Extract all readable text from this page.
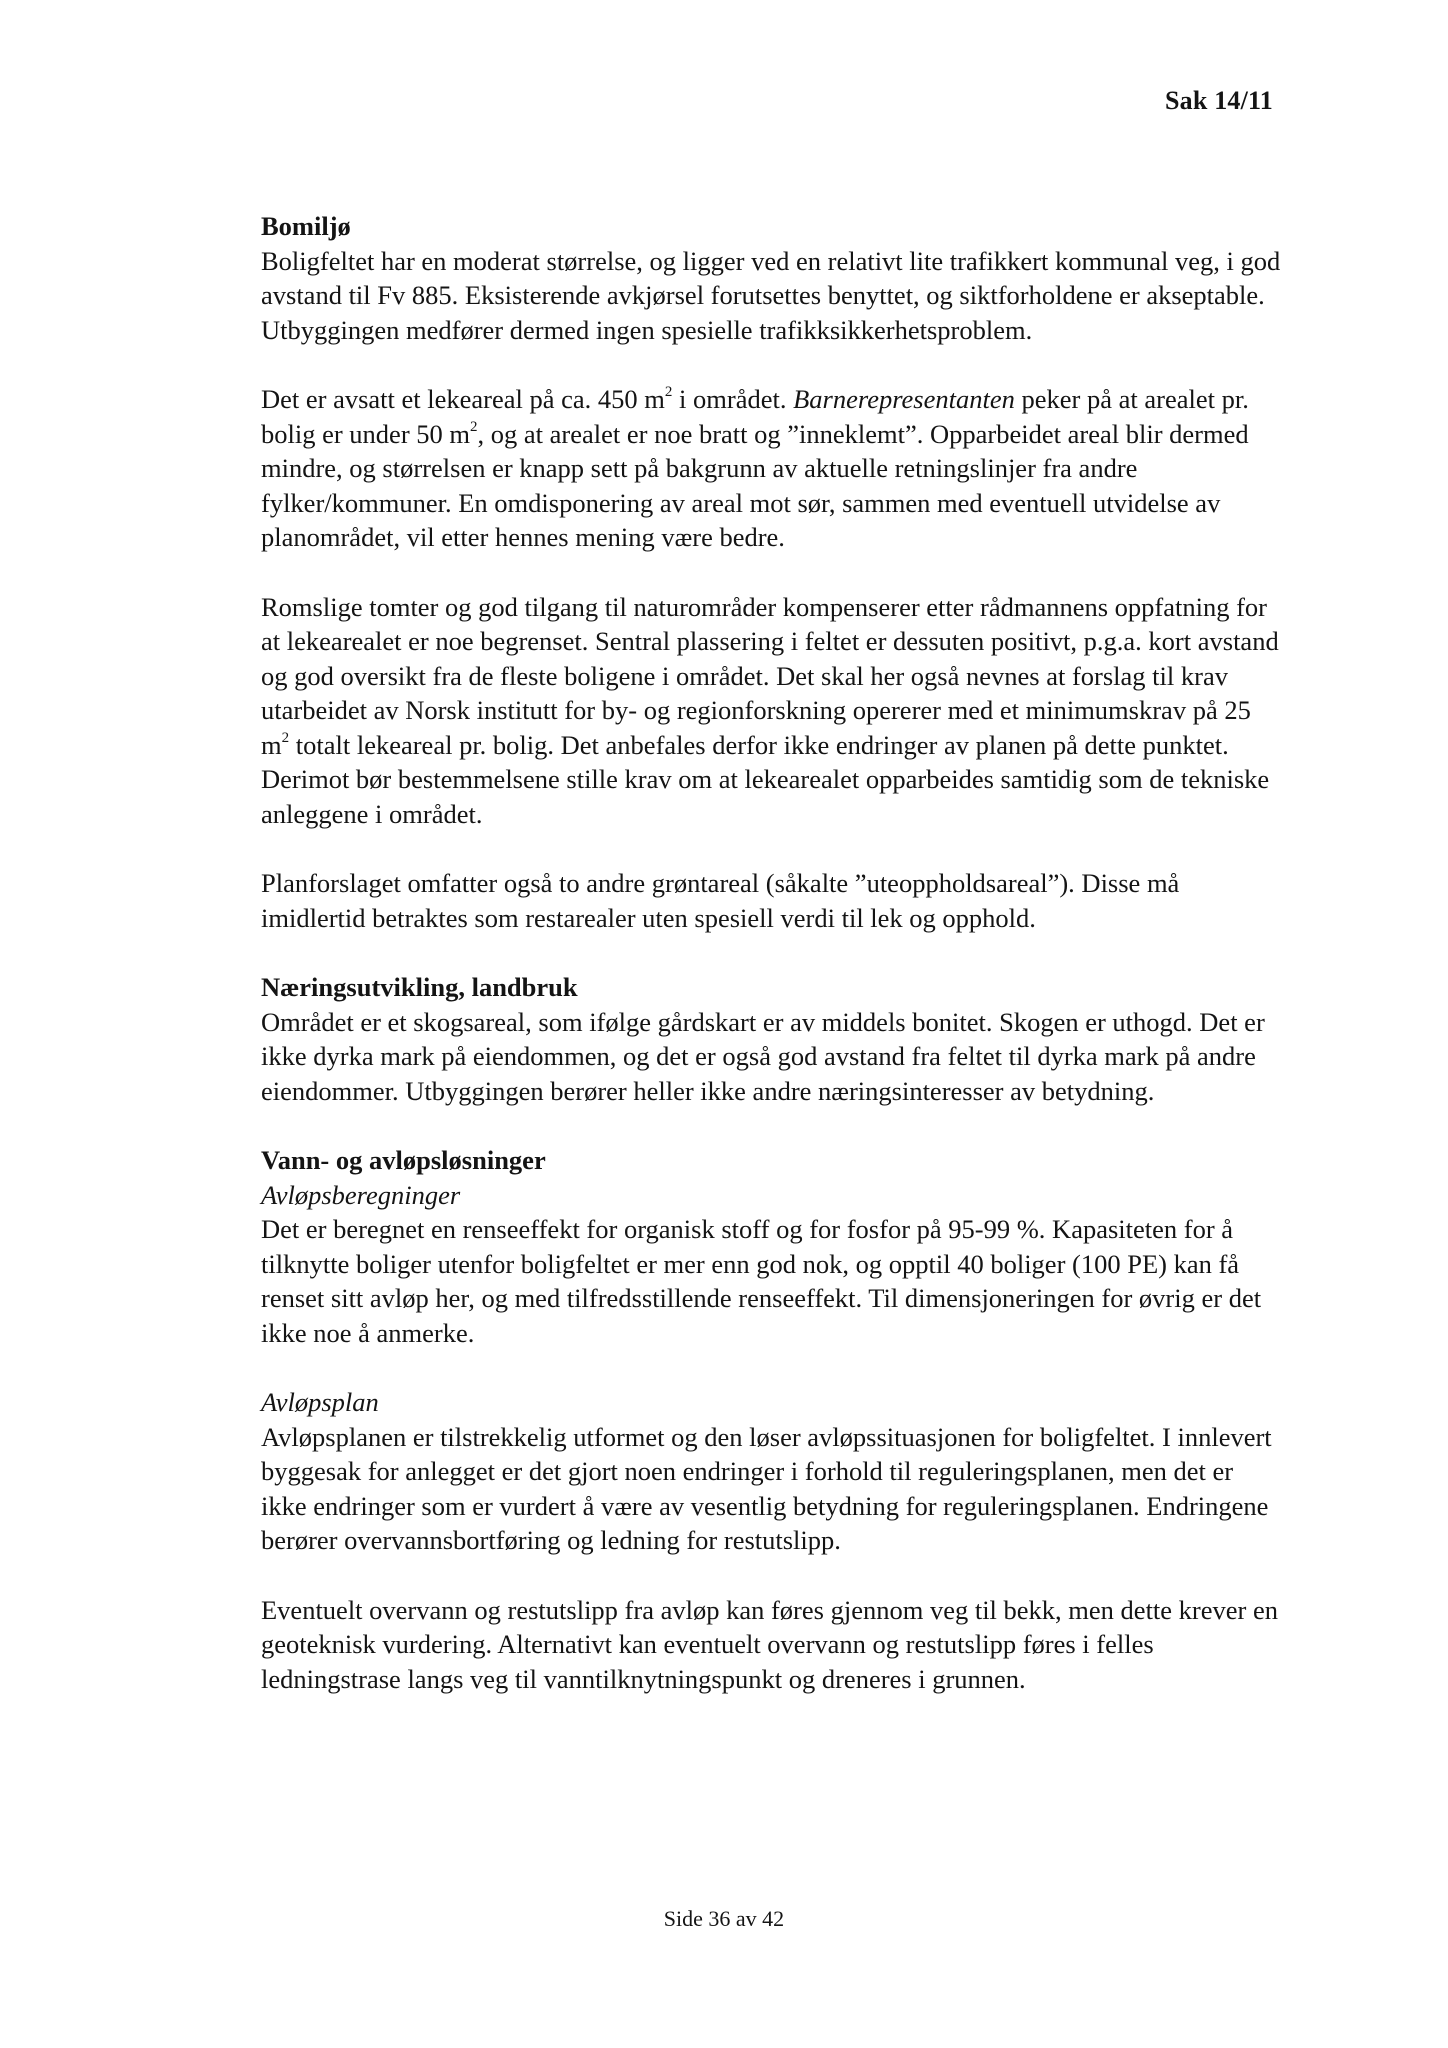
Sak 14/11

Bomiljø

Boligfeltet har en moderat størrelse, og ligger ved en relativt lite trafikkert kommunal veg, i god avstand til Fv 885. Eksisterende avkjørsel forutsettes benyttet, og siktforholdene er akseptable. Utbyggingen medfører dermed ingen spesielle trafikksikkerhetsproblem.

Det er avsatt et lekeareal på ca. 450 $m^2$ i området. Barnerepresentanten peker på at arealet pr. bolig er under 50 $m^2$, og at arealet er noe bratt og ”inneklemt”. Opparbeidet areal blir dermed mindre, og størrelsen er knapp sett på bakgrunn av aktuelle retningslinjer fra andre fylker/kommuner. En omdisponering av areal mot sør, sammen med eventuell utvidelse av planområdet, vil etter hennes mening være bedre.

Romslige tomter og god tilgang til naturområder kompenserer etter rådmannens oppfatning for at lekearealet er noe begrenset. Sentral plassering i feltet er dessuten positivt, p.g.a. kort avstand og god oversikt fra de fleste boligene i området. Det skal her også nevnes at forslag til krav utarbeidet av Norsk institutt for by- og regionforskning opererer med et minimumskrav på 25 $m^2$ totalt lekeareal pr. bolig. Det anbefales derfor ikke endringer av planen på dette punktet. Derimot bør bestemmelsene stille krav om at lekearealet opparbeides samtidig som de tekniske anleggene i området.

Planforslaget omfatter også to andre grøntareal (såkalte ”uteoppholdsareal”). Disse må imidlertid betraktes som restarealer uten spesiell verdi til lek og opphold.

Næringsutvikling, landbruk

Området er et skogsareal, som ifølge gårdskart er av middels bonitet. Skogen er uthogd. Det er ikke dyrka mark på eiendommen, og det er også god avstand fra feltet til dyrka mark på andre eiendommer. Utbyggingen berører heller ikke andre næringsinteresser av betydning.

Vann- og avløpsløsninger

Avløpsberegninger

Det er beregnet en renseeffekt for organisk stoff og for fosfor på 95-99 %. Kapasiteten for å tilknytte boliger utenfor boligfeltet er mer enn god nok, og opptil 40 boliger (100 PE) kan få renset sitt avløp her, og med tilfredsstillende renseeffekt. Til dimensjoneringen for øvrig er det ikke noe å anmerke.

Avløpsplan

Avløpsplanen er tilstrekkelig utformet og den løser avløpssituasjonen for boligfeltet. I innlevert byggesak for anlegget er det gjort noen endringer i forhold til reguleringsplanen, men det er ikke endringer som er vurdert å være av vesentlig betydning for reguleringsplanen. Endringene berører overvannsbortføring og ledning for restutslipp.

Eventuelt overvann og restutslipp fra avløp kan føres gjennom veg til bekk, men dette krever en geoteknisk vurdering. Alternativt kan eventuelt overvann og restutslipp føres i felles ledningstrase langs veg til vanntilknytningspunkt og dreneres i grunnen.

Side 36 av 42
